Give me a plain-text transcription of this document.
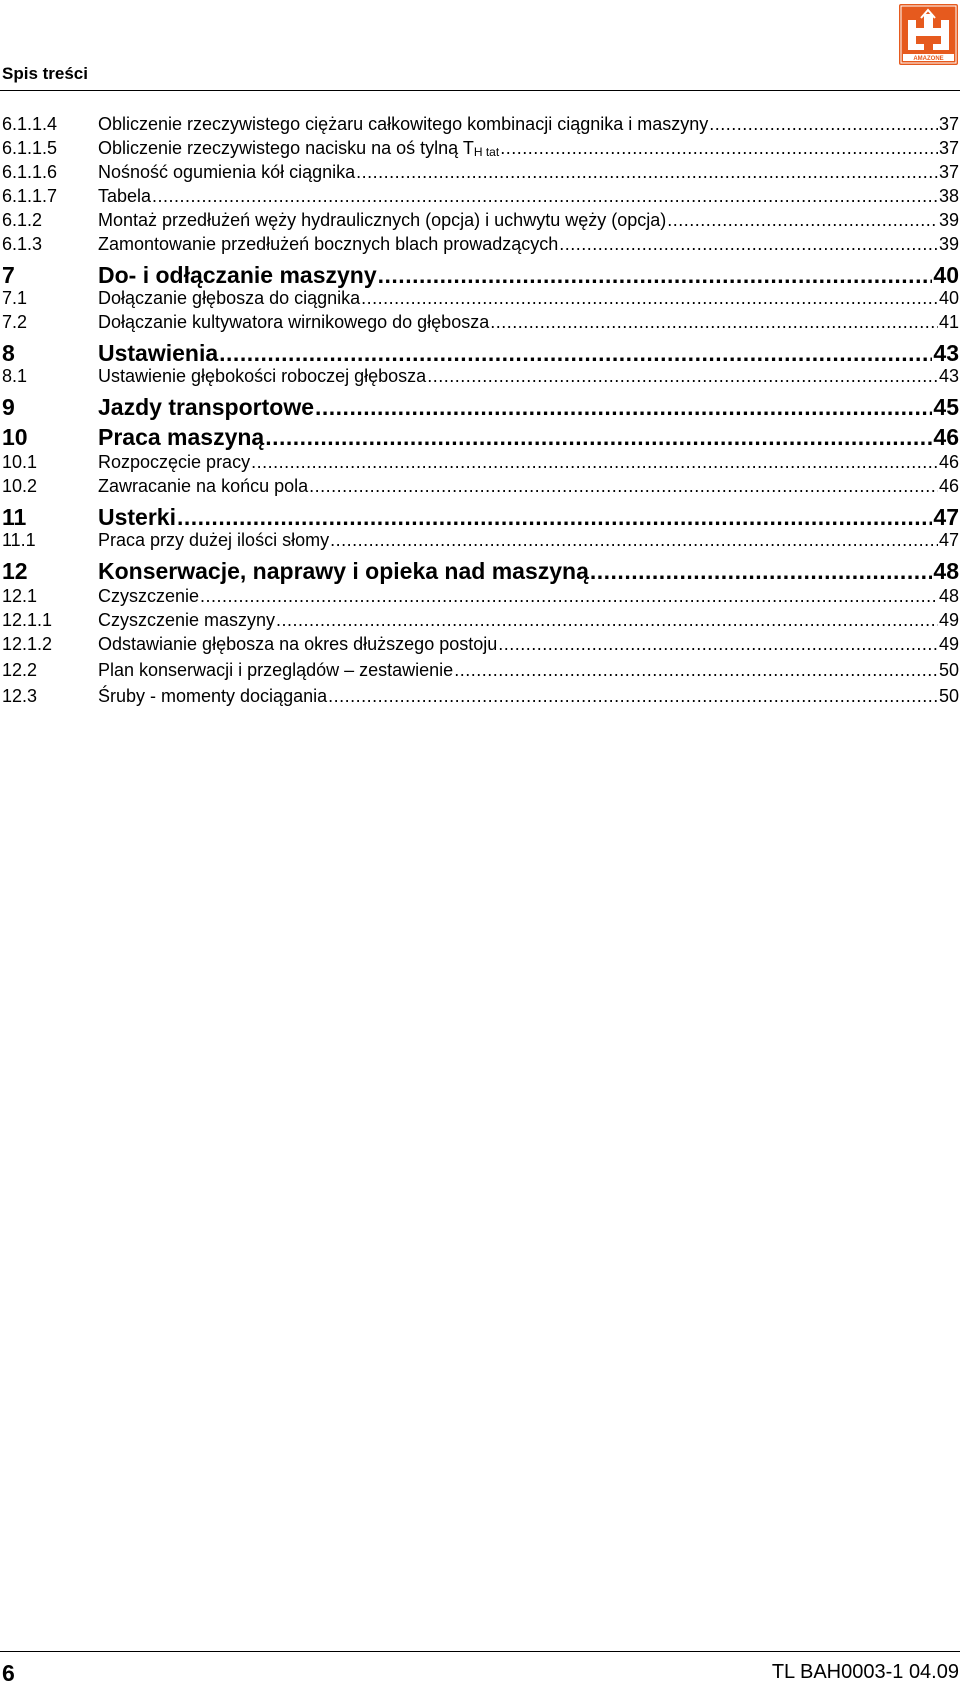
Spis treści
AMAZONE
6.1.1.4 Obliczenie rzeczywistego ciężaru całkowitego kombinacji ciągnika i maszyny .....	37
6.1.1.5 Obliczenie rzeczywistego nacisku na oś tylną $T_{H tat}$ .....	37
6.1.1.6 Nośność ogumienia kół ciągnika .....	37
6.1.1.7 Tabela .....	38
6.1.2	Montaż przedłużeń węży hydraulicznych (opcja) i uchwytu węży (opcja) .....	39
6.1.3	Zamontowanie przedłużeń bocznych blach prowadzących .....	39
7	Do- i odłączanie maszyny .....	40
7.1	Dołączanie głębosza do ciągnika .....	40
7.2	Dołączanie kultywatora wirnikowego do głębosza .....	41
8	Ustawienia .....	43
8.1	Ustawienie głębokości roboczej głębosza .....	43
9	Jazdy transportowe .....	45
10	Praca maszyną .....	46
10.1	Rozpoczęcie pracy .....	46
10.2	Zawracanie na końcu pola .....	46
11	Usterki .....	47
11.1	Praca przy dużej ilości słomy .....	47
12	Konserwacje, naprawy i opieka nad maszyną .....	48
12.1	Czyszczenie .....	48
12.1.1	Czyszczenie maszyny .....	49
12.1.2	Odstawianie głębosza na okres dłuższego postoju .....	49
12.2	Plan konserwacji i przeglądów – zestawienie .....	50
12.3	Śruby - momenty dociągania .....	50
6	TL BAH0003-1 04.09
